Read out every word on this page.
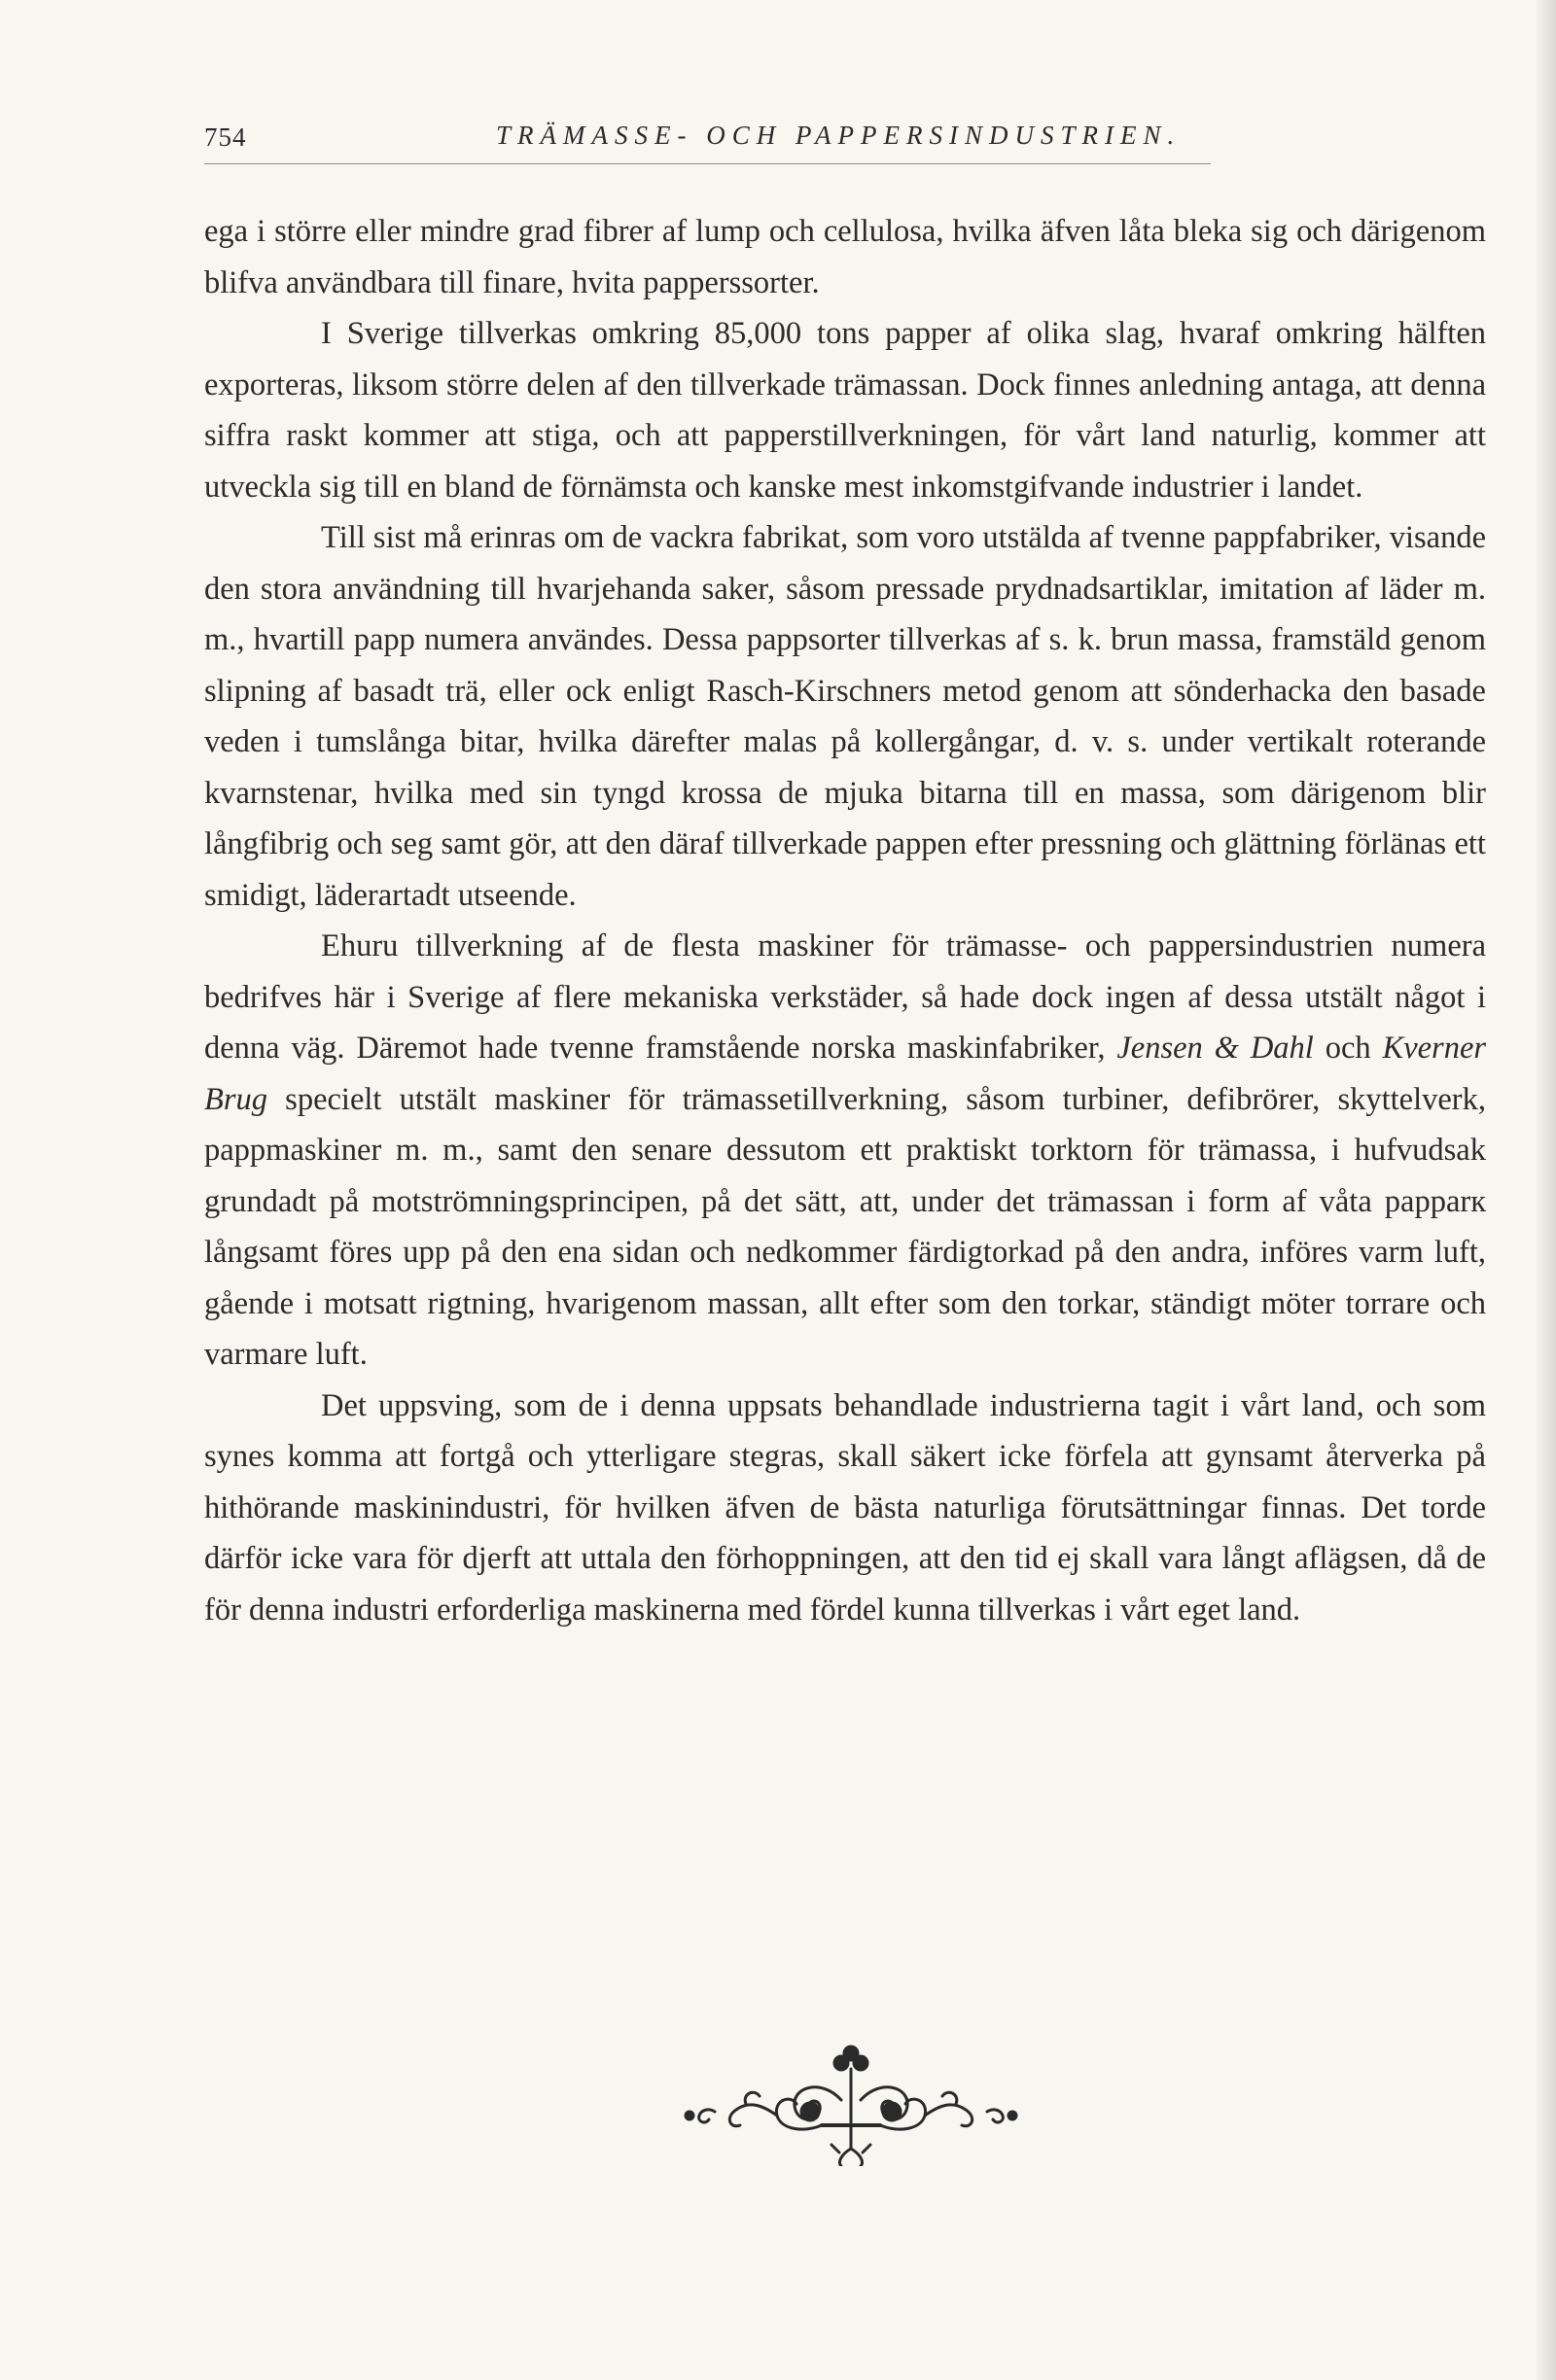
754	TRÄMASSE- OCH PAPPERSINDUSTRIEN.

ega i större eller mindre grad fibrer af lump och cellulosa, hvilka äfven låta bleka sig och därigenom blifva användbara till finare, hvita papperssorter.

I Sverige tillverkas omkring 85,000 tons papper af olika slag, hvaraf omkring hälften exporteras, liksom större delen af den tillverkade trämassan. Dock finnes anledning antaga, att denna siffra raskt kommer att stiga, och att papperstillverkningen, för vårt land naturlig, kommer att utveckla sig till en bland de förnämsta och kanske mest inkomstgifvande industrier i landet.

Till sist må erinras om de vackra fabrikat, som voro utstälda af tvenne pappfabriker, visande den stora användning till hvarjehanda saker, såsom pressade prydnadsartiklar, imitation af läder m. m., hvartill papp numera användes. Dessa pappsorter tillverkas af s. k. brun massa, framstäld genom slipning af basadt trä, eller ock enligt Rasch-Kirschners metod genom att sönderhacka den basade veden i tumslånga bitar, hvilka därefter malas på kollergångar, d. v. s. under vertikalt roterande kvarnstenar, hvilka med sin tyngd krossa de mjuka bitarna till en massa, som därigenom blir långfibrig och seg samt gör, att den däraf tillverkade pappen efter pressning och glättning förlänas ett smidigt, läderartadt utseende.

Ehuru tillverkning af de flesta maskiner för trämasse- och pappersindustrien numera bedrifves här i Sverige af flere mekaniska verkstäder, så hade dock ingen af dessa utstält något i denna väg. Däremot hade tvenne framstående norska maskinfabriker, Jensen & Dahl och Kverner Brug specielt utstält maskiner för trämassetillverkning, såsom turbiner, defibrörer, skyttelverk, pappmaskiner m. m., samt den senare dessutom ett praktiskt torktorn för trämassa, i hufvudsak grundadt på motströmningsprincipen, på det sätt, att, under det trämassan i form af våta papparк långsamt föres upp på den ena sidan och nedkommer färdigtorkad på den andra, införes varm luft, gående i motsatt rigtning, hvarigenom massan, allt efter som den torkar, ständigt möter torrare och varmare luft.

Det uppsving, som de i denna uppsats behandlade industrierna tagit i vårt land, och som synes komma att fortgå och ytterligare stegras, skall säkert icke förfela att gynsamt återverka på hithörande maskinindustri, för hvilken äfven de bästa naturliga förutsättningar finnas. Det torde därför icke vara för djerft att uttala den förhoppningen, att den tid ej skall vara långt aflägsen, då de för denna industri erforderliga maskinerna med fördel kunna tillverkas i vårt eget land.
